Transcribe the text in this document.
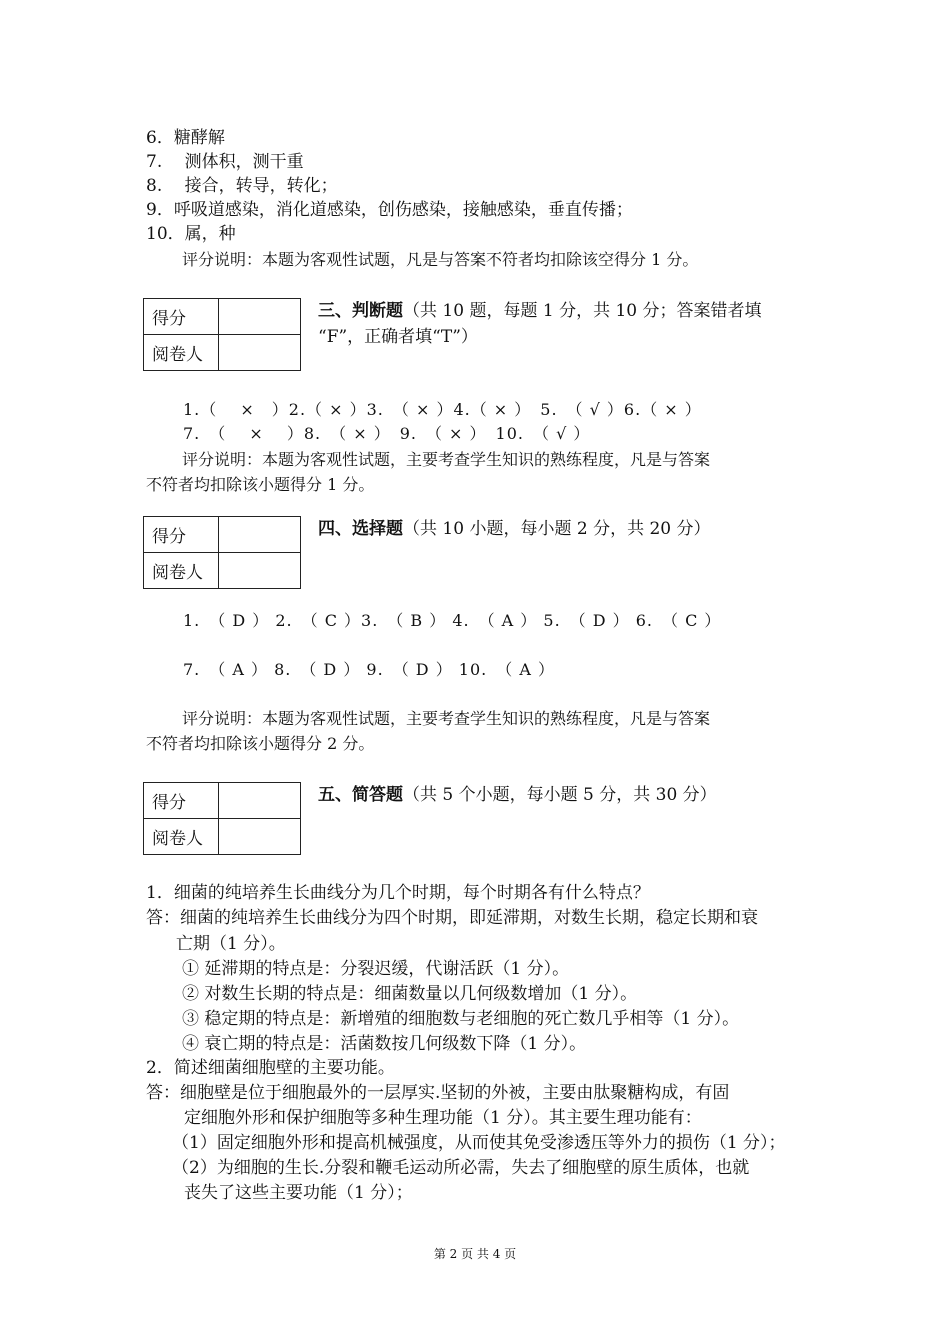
6．糖酵解
7.　 测体积，测干重
8.　 接合，转导，转化；
9．呼吸道感染，消化道感染，创伤感染，接触感染，垂直传播；
10．属，种
评分说明：本题为客观性试题，凡是与答案不符者均扣除该空得分 1 分。
得分	
阅卷人	
三、判断题（共 10 题，每题 1 分，共 10 分；答案错者填
“F”，正确者填“T”）
1.（　 ×　）2.（ × ）3.　（ × ）4.（ × ）　5.　（ √ ）6.（ × ）
7.　（　 ×　 ）8.　（ × ）　9.　（ × ）　10.　（ √ ）
评分说明：本题为客观性试题，主要考查学生知识的熟练程度，凡是与答案
不符者均扣除该小题得分 1 分。
得分	
阅卷人	
四、选择题（共 10 小题，每小题 2 分，共 20 分）
1.　（ D ） 2.　（ C ）3.　（ B ） 4.　（ A ） 5.　（ D ） 6.　（ C ）
7.　（ A ） 8.　（ D ） 9.　（ D ） 10.　（ A ）
评分说明：本题为客观性试题，主要考查学生知识的熟练程度，凡是与答案
不符者均扣除该小题得分 2 分。
得分	
阅卷人	
五、简答题（共 5 个小题，每小题 5 分，共 30 分）
1．细菌的纯培养生长曲线分为几个时期，每个时期各有什么特点？
答：细菌的纯培养生长曲线分为四个时期，即延滞期，对数生长期，稳定长期和衰
亡期（1 分）。
① 延滞期的特点是：分裂迟缓，代谢活跃（1 分）。
② 对数生长期的特点是：细菌数量以几何级数增加（1 分）。
③ 稳定期的特点是：新增殖的细胞数与老细胞的死亡数几乎相等（1 分）。
④ 衰亡期的特点是：活菌数按几何级数下降（1 分）。
2．简述细菌细胞壁的主要功能。
答：细胞壁是位于细胞最外的一层厚实.坚韧的外被，主要由肽聚糖构成，有固
定细胞外形和保护细胞等多种生理功能（1 分）。其主要生理功能有：
（1）固定细胞外形和提高机械强度，从而使其免受渗透压等外力的损伤（1 分）；
（2）为细胞的生长.分裂和鞭毛运动所必需，失去了细胞壁的原生质体，也就
丧失了这些主要功能（1 分）；
第 2 页 共 4 页
